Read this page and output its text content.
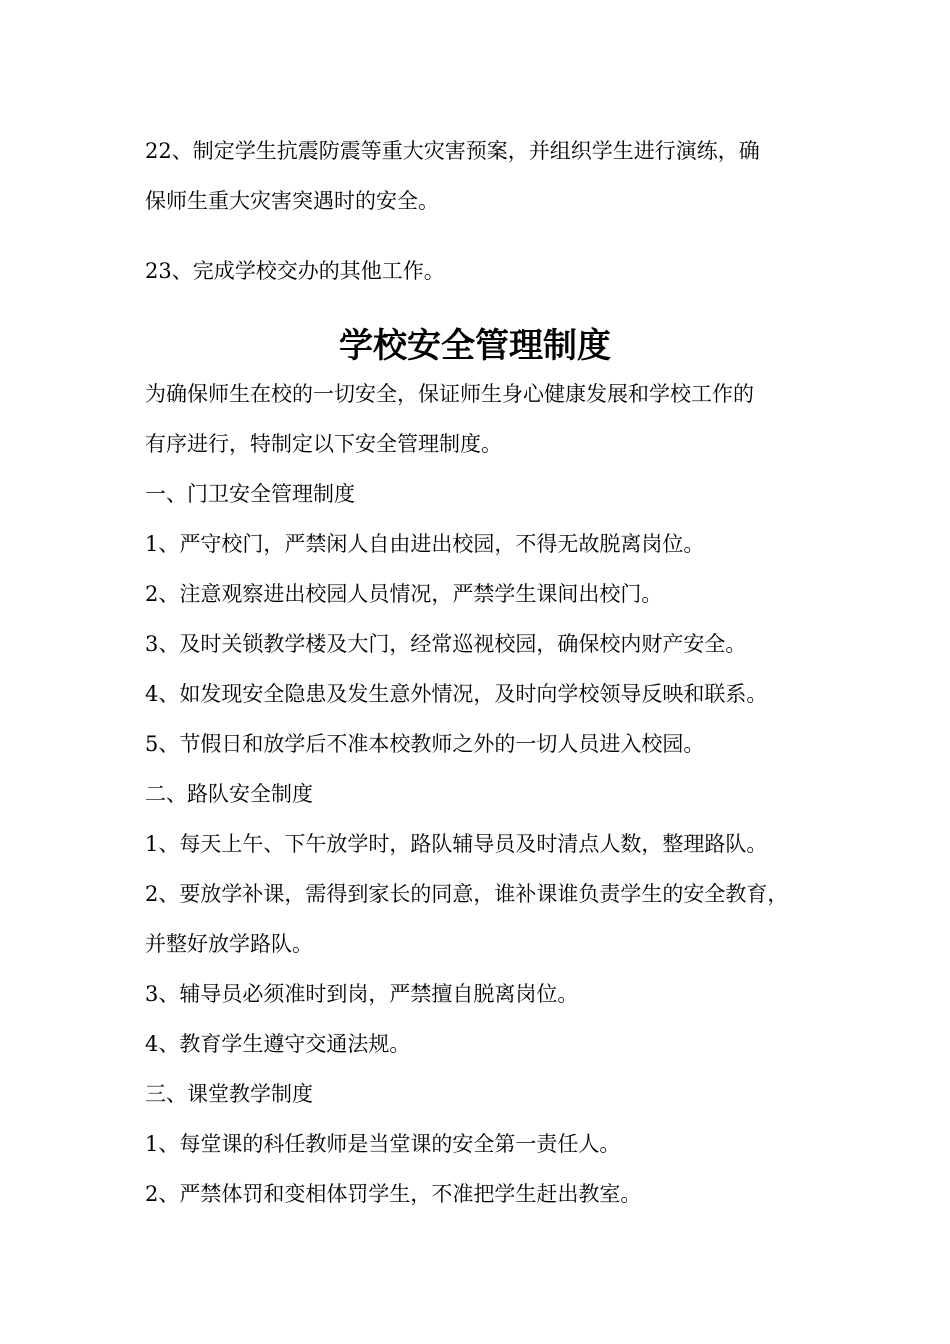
22、制定学生抗震防震等重大灾害预案，并组织学生进行演练，确
保师生重大灾害突遇时的安全。
23、完成学校交办的其他工作。
学校安全管理制度
为确保师生在校的一切安全，保证师生身心健康发展和学校工作的
有序进行，特制定以下安全管理制度。
一、门卫安全管理制度
1、严守校门，严禁闲人自由进出校园，不得无故脱离岗位。
2、注意观察进出校园人员情况，严禁学生课间出校门。
3、及时关锁教学楼及大门，经常巡视校园，确保校内财产安全。
4、如发现安全隐患及发生意外情况，及时向学校领导反映和联系。
5、节假日和放学后不准本校教师之外的一切人员进入校园。
二、路队安全制度
1、每天上午、下午放学时，路队辅导员及时清点人数，整理路队。
2、要放学补课，需得到家长的同意，谁补课谁负责学生的安全教育，
并整好放学路队。
3、辅导员必须准时到岗，严禁擅自脱离岗位。
4、教育学生遵守交通法规。
三、课堂教学制度
1、每堂课的科任教师是当堂课的安全第一责任人。
2、严禁体罚和变相体罚学生，不准把学生赶出教室。
